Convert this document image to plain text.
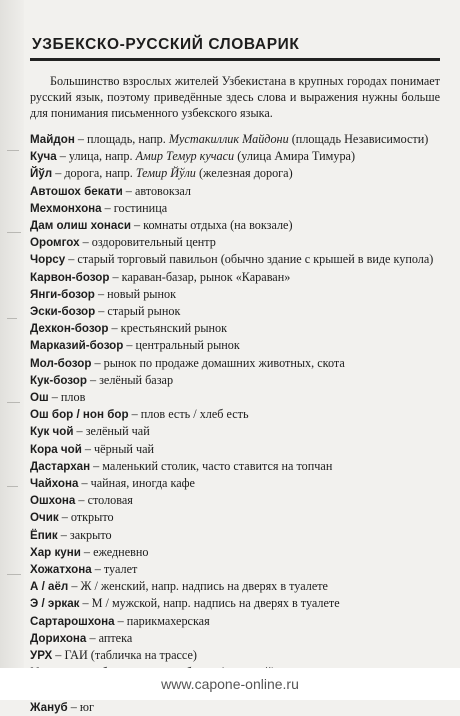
УЗБЕКСКО-РУССКИЙ СЛОВАРИК

Большинство взрослых жителей Узбекистана в крупных городах понимает русский язык, поэтому приведённые здесь слова и выражения нужны больше для понимания письменного узбекского языка.

Майдон – площадь, напр. Мустакиллик Майдони (площадь Независимости)
Куча – улица, напр. Амир Темур кучаси (улица Амира Тимура)
Йўл – дорога, напр. Темир Йўли (железная дорога)
Автошох бекати – автовокзал
Мехмонхона – гостиница
Дам олиш хонаси – комнаты отдыха (на вокзале)
Оромгох – оздоровительный центр
Чорсу – старый торговый павильон (обычно здание с крышей в виде купола)
Карвон-бозор – караван-базар, рынок «Караван»
Янги-бозор – новый рынок
Эски-бозор – старый рынок
Дехкон-бозор – крестьянский рынок
Марказий-бозор – центральный рынок
Мол-бозор – рынок по продаже домашних животных, скота
Кук-бозор – зелёный базар
Ош – плов
Ош бор / нон бор – плов есть / хлеб есть
Кук чой – зелёный чай
Кора чой – чёрный чай
Дастархан – маленький столик, часто ставится на топчан
Чайхона – чайная, иногда кафе
Ошхона – столовая
Очик – открыто
Ёпик – закрыто
Хар куни – ежедневно
Хожатхона – туалет
А / аёл – Ж / женский, напр. надпись на дверях в туалете
Э / эркак – М / мужской, напр. надпись на дверях в туалете
Сартарошхона – парикмахерская
Дорихона – аптека
УРХ – ГАИ (табличка на трассе)
Жануб – юг
www.capone-online.ru
